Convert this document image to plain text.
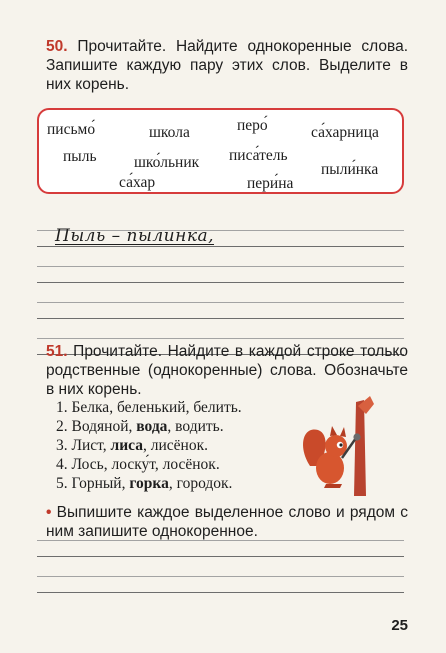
50. Прочитайте. Найдите однокоренные слова. Запишите каждую пару этих слов. Выделите в них корень.

письмо́	школа	перо́	са́харница
пыль шко́льник писа́тель
пыли́нка
са́хар	пери́на
Пыль – пылинка,

51. Прочитайте. Найдите в каждой строке только родственные (однокоренные) слова. Обозначьте в них корень.

1. Белка, беленький, белить.
2. Водяной, вода, водить.
3. Лист, лиса, лисёнок.
4. Лось, лоску́т, лосёнок.
5. Горный, горка, городок.

• Выпишите каждое выделенное слово и рядом с ним запишите однокоренное.

25
